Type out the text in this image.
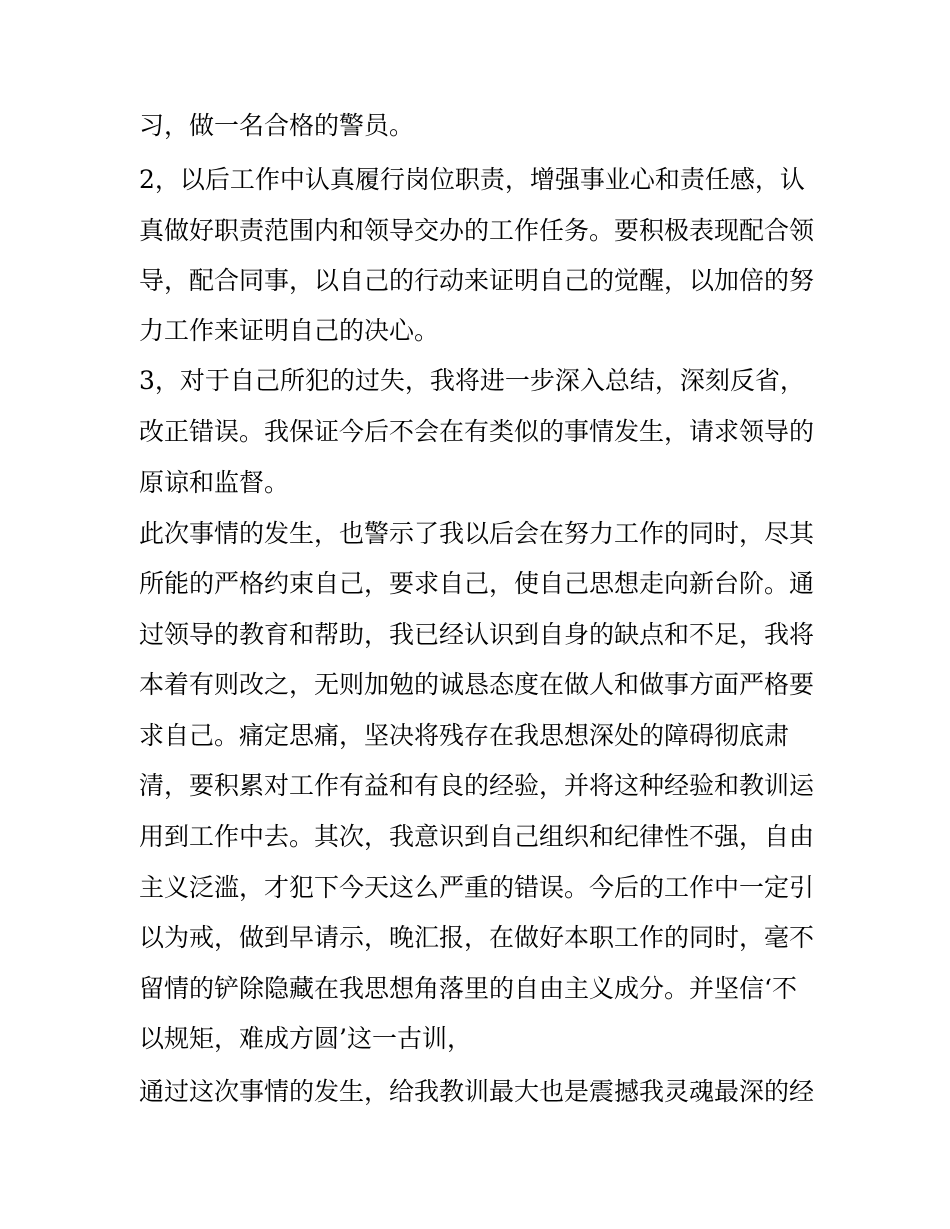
习，做一名合格的警员。
2，以后工作中认真履行岗位职责，增强事业心和责任感，认
真做好职责范围内和领导交办的工作任务。要积极表现配合领
导，配合同事，以自己的行动来证明自己的觉醒，以加倍的努
力工作来证明自己的决心。
3，对于自己所犯的过失，我将进一步深入总结，深刻反省，
改正错误。我保证今后不会在有类似的事情发生，请求领导的
原谅和监督。
此次事情的发生，也警示了我以后会在努力工作的同时，尽其
所能的严格约束自己，要求自己，使自己思想走向新台阶。通
过领导的教育和帮助，我已经认识到自身的缺点和不足，我将
本着有则改之，无则加勉的诚恳态度在做人和做事方面严格要
求自己。痛定思痛，坚决将残存在我思想深处的障碍彻底肃
清，要积累对工作有益和有良的经验，并将这种经验和教训运
用到工作中去。其次，我意识到自己组织和纪律性不强，自由
主义泛滥，才犯下今天这么严重的错误。今后的工作中一定引
以为戒，做到早请示，晚汇报，在做好本职工作的同时，毫不
留情的铲除隐藏在我思想角落里的自由主义成分。并坚信‘不
以规矩，难成方圆’这一古训，
通过这次事情的发生，给我教训最大也是震撼我灵魂最深的经
